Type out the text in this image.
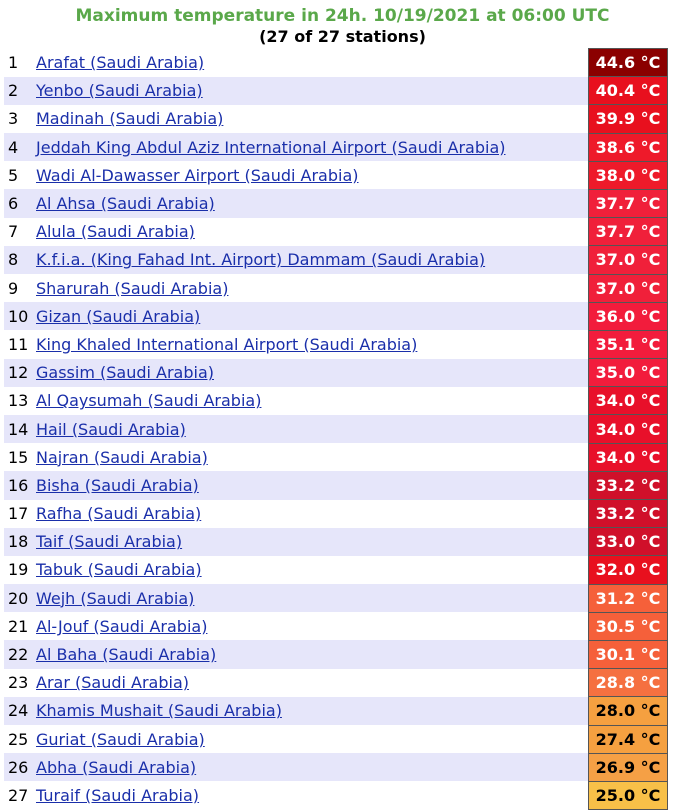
Maximum temperature in 24h. 10/19/2021 at 06:00 UTC
(27 of 27 stations)
1	Arafat (Saudi Arabia)	44.6 °C
2	Yenbo (Saudi Arabia)	40.4 °C
3	Madinah (Saudi Arabia)	39.9 °C
4	Jeddah King Abdul Aziz International Airport (Saudi Arabia)	38.6 °C
5	Wadi Al-Dawasser Airport (Saudi Arabia)	38.0 °C
6	Al Ahsa (Saudi Arabia)	37.7 °C
7	Alula (Saudi Arabia)	37.7 °C
8	K.f.i.a. (King Fahad Int. Airport) Dammam (Saudi Arabia)	37.0 °C
9	Sharurah (Saudi Arabia)	37.0 °C
10	Gizan (Saudi Arabia)	36.0 °C
11	King Khaled International Airport (Saudi Arabia)	35.1 °C
12	Gassim (Saudi Arabia)	35.0 °C
13	Al Qaysumah (Saudi Arabia)	34.0 °C
14	Hail (Saudi Arabia)	34.0 °C
15	Najran (Saudi Arabia)	34.0 °C
16	Bisha (Saudi Arabia)	33.2 °C
17	Rafha (Saudi Arabia)	33.2 °C
18	Taif (Saudi Arabia)	33.0 °C
19	Tabuk (Saudi Arabia)	32.0 °C
20	Wejh (Saudi Arabia)	31.2 °C
21	Al-Jouf (Saudi Arabia)	30.5 °C
22	Al Baha (Saudi Arabia)	30.1 °C
23	Arar (Saudi Arabia)	28.8 °C
24	Khamis Mushait (Saudi Arabia)	28.0 °C
25	Guriat (Saudi Arabia)	27.4 °C
26	Abha (Saudi Arabia)	26.9 °C
27	Turaif (Saudi Arabia)	25.0 °C
